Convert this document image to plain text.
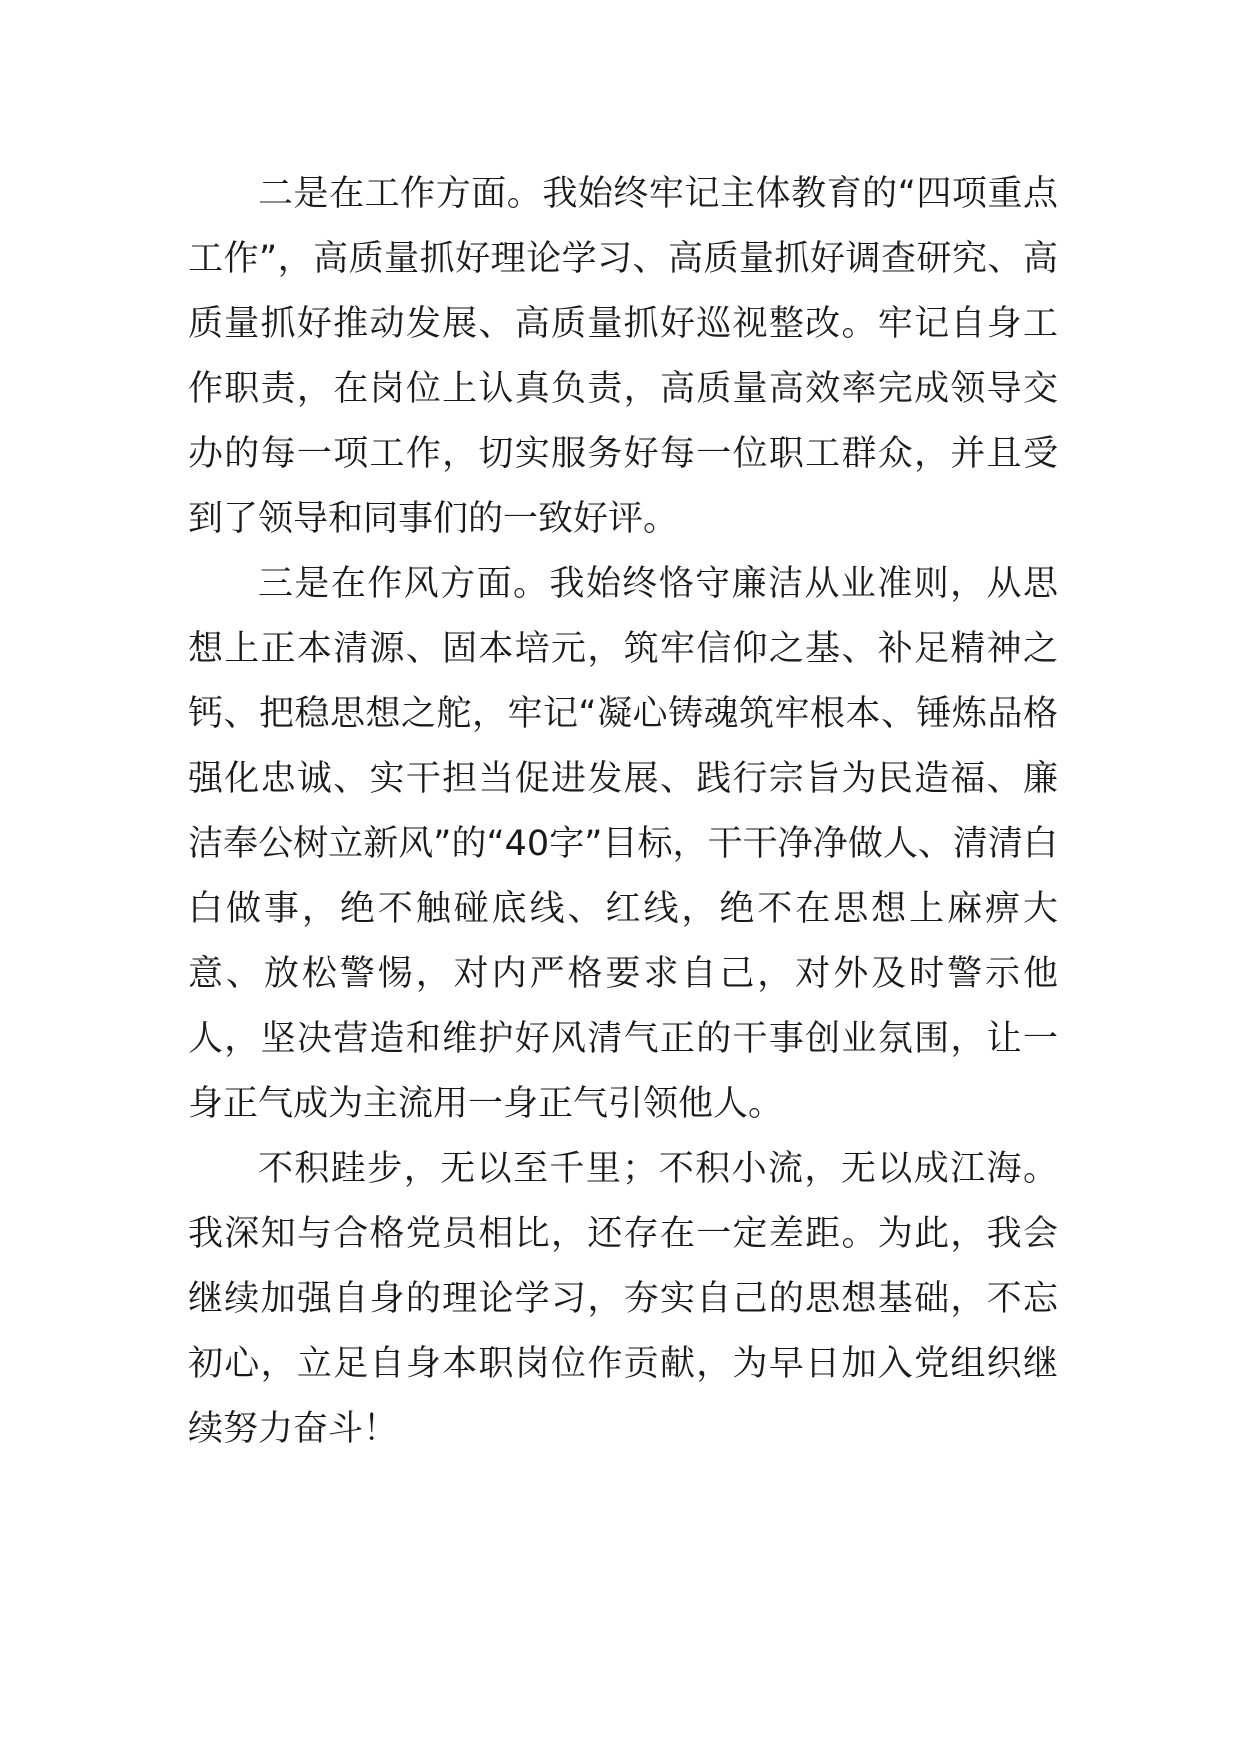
二是在工作方面。我始终牢记主体教育的“四项重点工作”，高质量抓好理论学习、高质量抓好调查研究、高质量抓好推动发展、高质量抓好巡视整改。牢记自身工作职责，在岗位上认真负责，高质量高效率完成领导交办的每一项工作，切实服务好每一位职工群众，并且受到了领导和同事们的一致好评。

三是在作风方面。我始终恪守廉洁从业准则，从思想上正本清源、固本培元，筑牢信仰之基、补足精神之钙、把稳思想之舵，牢记“凝心铸魂筑牢根本、锤炼品格强化忠诚、实干担当促进发展、践行宗旨为民造福、廉洁奉公树立新风”的“40字”目标，干干净净做人、清清白白做事，绝不触碰底线、红线，绝不在思想上麻痹大意、放松警惕，对内严格要求自己，对外及时警示他人，坚决营造和维护好风清气正的干事创业氛围，让一身正气成为主流用一身正气引领他人。

不积跬步，无以至千里；不积小流，无以成江海。我深知与合格党员相比，还存在一定差距。为此，我会继续加强自身的理论学习，夯实自己的思想基础，不忘初心，立足自身本职岗位作贡献，为早日加入党组织继续努力奋斗！
